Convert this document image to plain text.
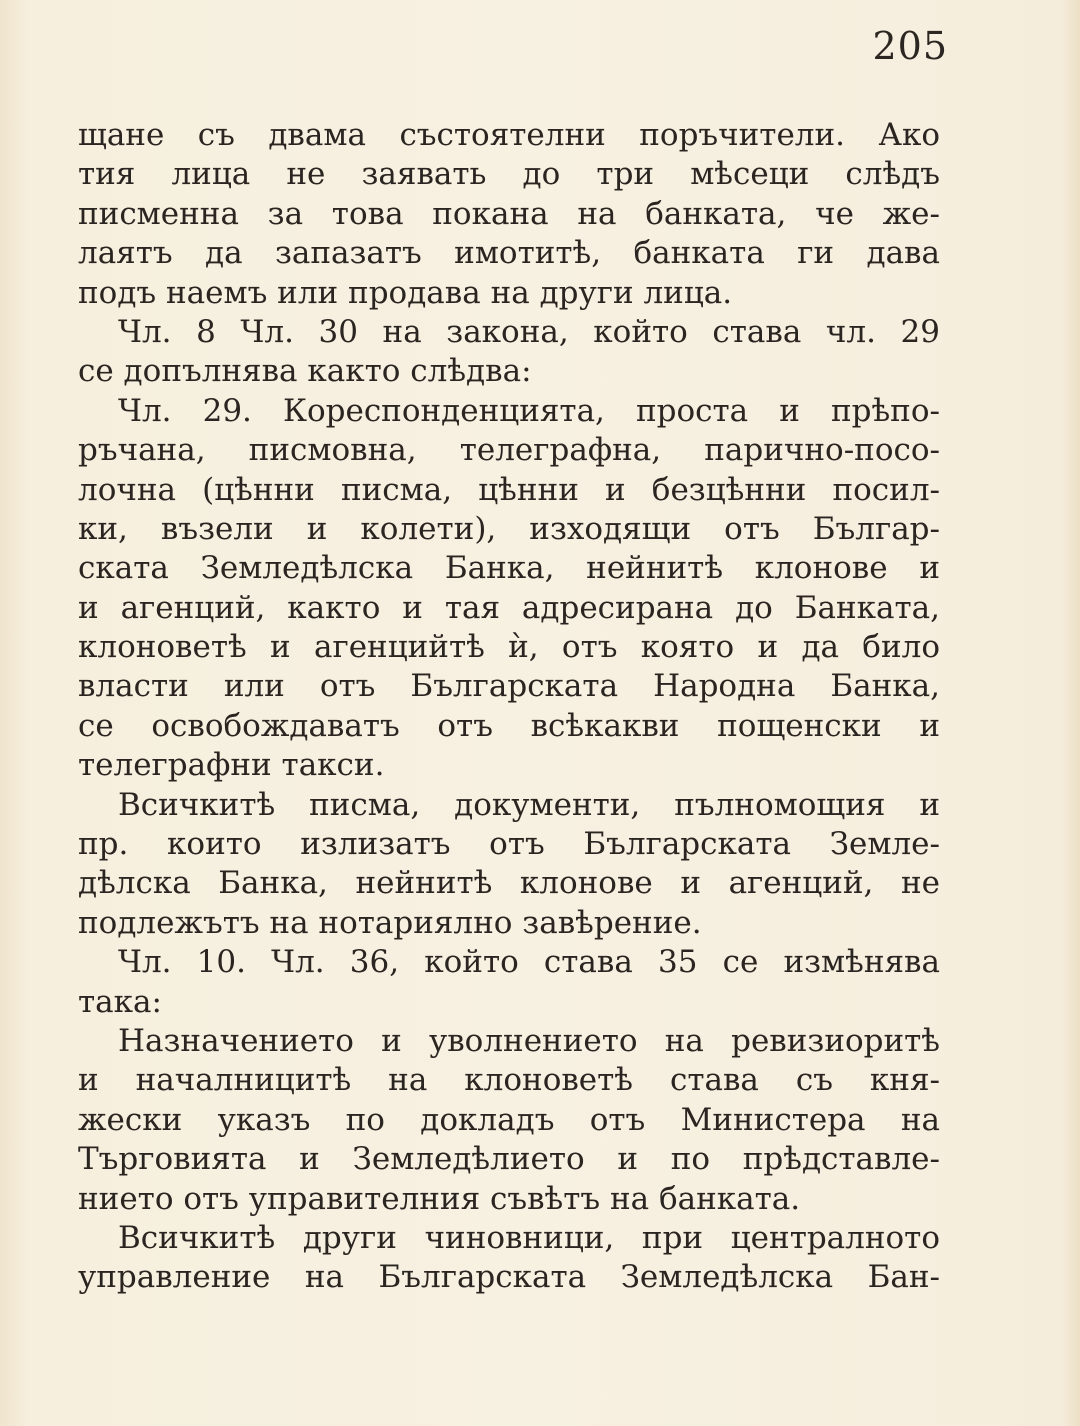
205
щане съ двама състоятелни поръчители. Ако
тия лица не заявать до три мѣсеци слѣдъ
писменна за това покана на банката, че же-
лаятъ да запазатъ имотитѣ, банката ги дава
подъ наемъ или продава на други лица.
Чл. 8 Чл. 30 на закона, който става чл. 29
се допълнява както слѣдва:
Чл. 29. Кореспонденцията, проста и прѣпо-
ръчана, писмовна, телеграфна, парично-посо-
лочна (цѣнни писма, цѣнни и безцѣнни посил-
ки, възели и колети), изходящи отъ Българ-
ската Земледѣлска Банка, нейнитѣ клонове и
и агенций, както и тая адресирана до Банката,
клоноветѣ и агенцийтѣ ѝ, отъ която и да било
власти или отъ Българската Народна Банка,
се освобождаватъ отъ всѣкакви пощенски и
телеграфни такси.
Всичкитѣ писма, документи, пълномощия и
пр. които излизатъ отъ Българската Земле-
дѣлска Банка, нейнитѣ клонове и агенций, не
подлежътъ на нотариялно завѣрение.
Чл. 10. Чл. 36, който става 35 се измѣнява
така:
Назначението и уволнението на ревизиоритѣ
и началницитѣ на клоноветѣ става съ кня-
жески указъ по докладъ отъ Министера на
Търговията и Земледѣлието и по прѣдставле-
нието отъ управителния съвѣтъ на банката.
Всичкитѣ други чиновници, при централното
управление на Българската Земледѣлска Бан-
